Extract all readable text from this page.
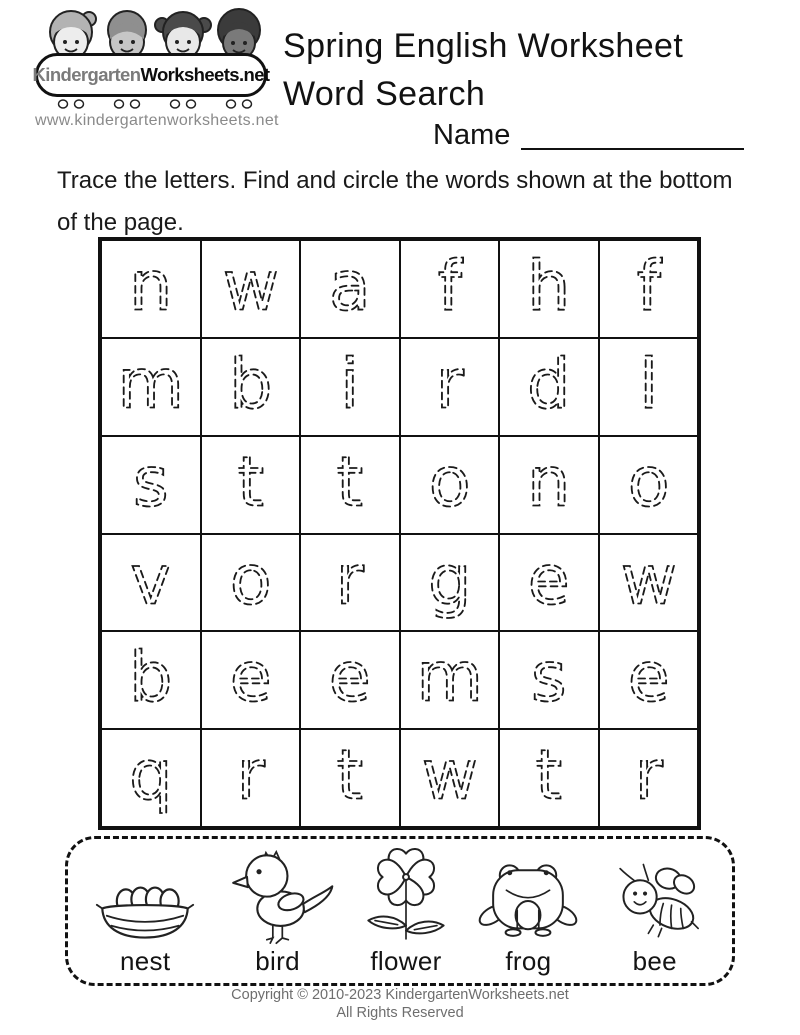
Kindergarten Worksheets.net
www.kindergartenworksheets.net
Spring English Worksheet
Word Search
Name
Trace the letters. Find and circle the words shown at the bottom
of the page.
n w a f h f
m b i r d l
s t t o n o
v o r g e w
b e e m s e
q r t w t r
nest	bird	flower frog	bee
Copyright © 2010-2023 KindergartenWorksheets.net
All Rights Reserved
